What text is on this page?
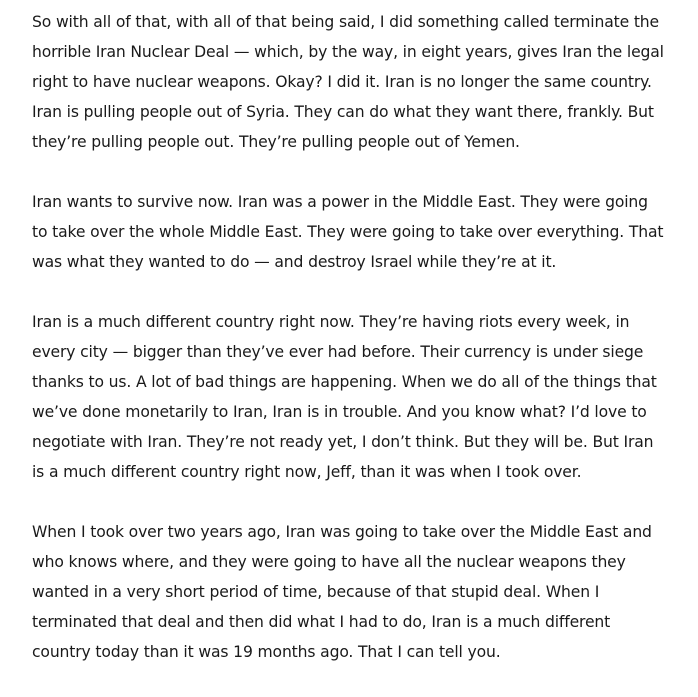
So with all of that, with all of that being said, I did something called terminate the
horrible Iran Nuclear Deal — which, by the way, in eight years, gives Iran the legal
right to have nuclear weapons. Okay? I did it. Iran is no longer the same country.
Iran is pulling people out of Syria. They can do what they want there, frankly. But
they’re pulling people out. They’re pulling people out of Yemen.

Iran wants to survive now. Iran was a power in the Middle East. They were going
to take over the whole Middle East. They were going to take over everything. That
was what they wanted to do — and destroy Israel while they’re at it.

Iran is a much different country right now. They’re having riots every week, in
every city — bigger than they’ve ever had before. Their currency is under siege
thanks to us. A lot of bad things are happening. When we do all of the things that
we’ve done monetarily to Iran, Iran is in trouble. And you know what? I’d love to
negotiate with Iran. They’re not ready yet, I don’t think. But they will be. But Iran
is a much different country right now, Jeff, than it was when I took over.

When I took over two years ago, Iran was going to take over the Middle East and
who knows where, and they were going to have all the nuclear weapons they
wanted in a very short period of time, because of that stupid deal. When I
terminated that deal and then did what I had to do, Iran is a much different
country today than it was 19 months ago. That I can tell you.
